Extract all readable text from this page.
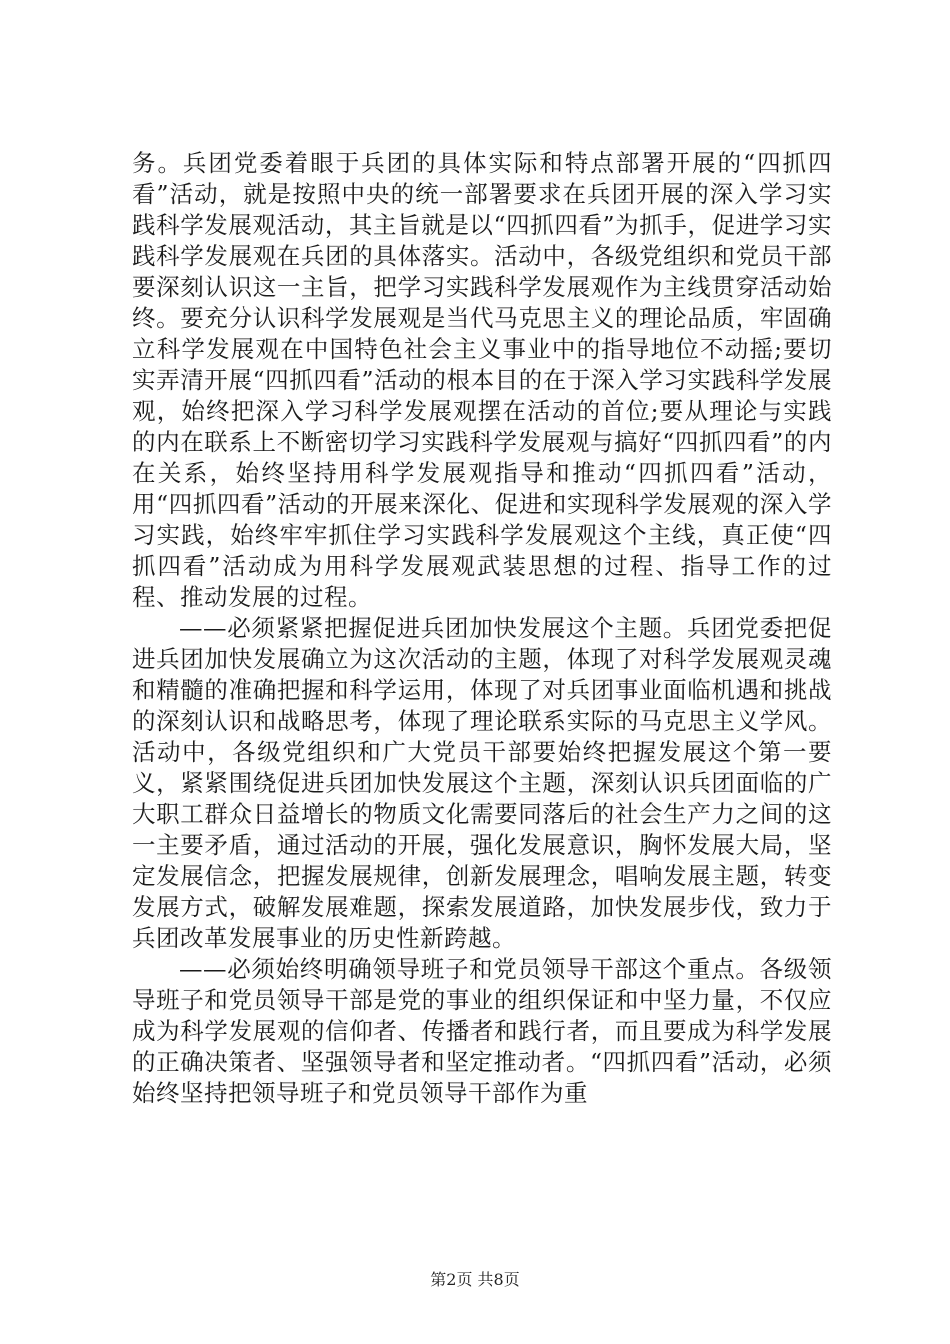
务。兵团党委着眼于兵团的具体实际和特点部署开展的“四抓四看”活动，就是按照中央的统一部署要求在兵团开展的深入学习实践科学发展观活动，其主旨就是以“四抓四看”为抓手，促进学习实践科学发展观在兵团的具体落实。活动中，各级党组织和党员干部要深刻认识这一主旨，把学习实践科学发展观作为主线贯穿活动始终。要充分认识科学发展观是当代马克思主义的理论品质，牢固确立科学发展观在中国特色社会主义事业中的指导地位不动摇;要切实弄清开展“四抓四看”活动的根本目的在于深入学习实践科学发展观，始终把深入学习科学发展观摆在活动的首位;要从理论与实践的内在联系上不断密切学习实践科学发展观与搞好“四抓四看”的内在关系，始终坚持用科学发展观指导和推动“四抓四看”活动，用“四抓四看”活动的开展来深化、促进和实现科学发展观的深入学习实践，始终牢牢抓住学习实践科学发展观这个主线，真正使“四抓四看”活动成为用科学发展观武装思想的过程、指导工作的过程、推动发展的过程。

——必须紧紧把握促进兵团加快发展这个主题。兵团党委把促进兵团加快发展确立为这次活动的主题，体现了对科学发展观灵魂和精髓的准确把握和科学运用，体现了对兵团事业面临机遇和挑战的深刻认识和战略思考，体现了理论联系实际的马克思主义学风。活动中，各级党组织和广大党员干部要始终把握发展这个第一要义，紧紧围绕促进兵团加快发展这个主题，深刻认识兵团面临的广大职工群众日益增长的物质文化需要同落后的社会生产力之间的这一主要矛盾，通过活动的开展，强化发展意识，胸怀发展大局，坚定发展信念，把握发展规律，创新发展理念，唱响发展主题，转变发展方式，破解发展难题，探索发展道路，加快发展步伐，致力于兵团改革发展事业的历史性新跨越。

——必须始终明确领导班子和党员领导干部这个重点。各级领导班子和党员领导干部是党的事业的组织保证和中坚力量，不仅应成为科学发展观的信仰者、传播者和践行者，而且要成为科学发展的正确决策者、坚强领导者和坚定推动者。“四抓四看”活动，必须始终坚持把领导班子和党员领导干部作为重

第2页 共8页
